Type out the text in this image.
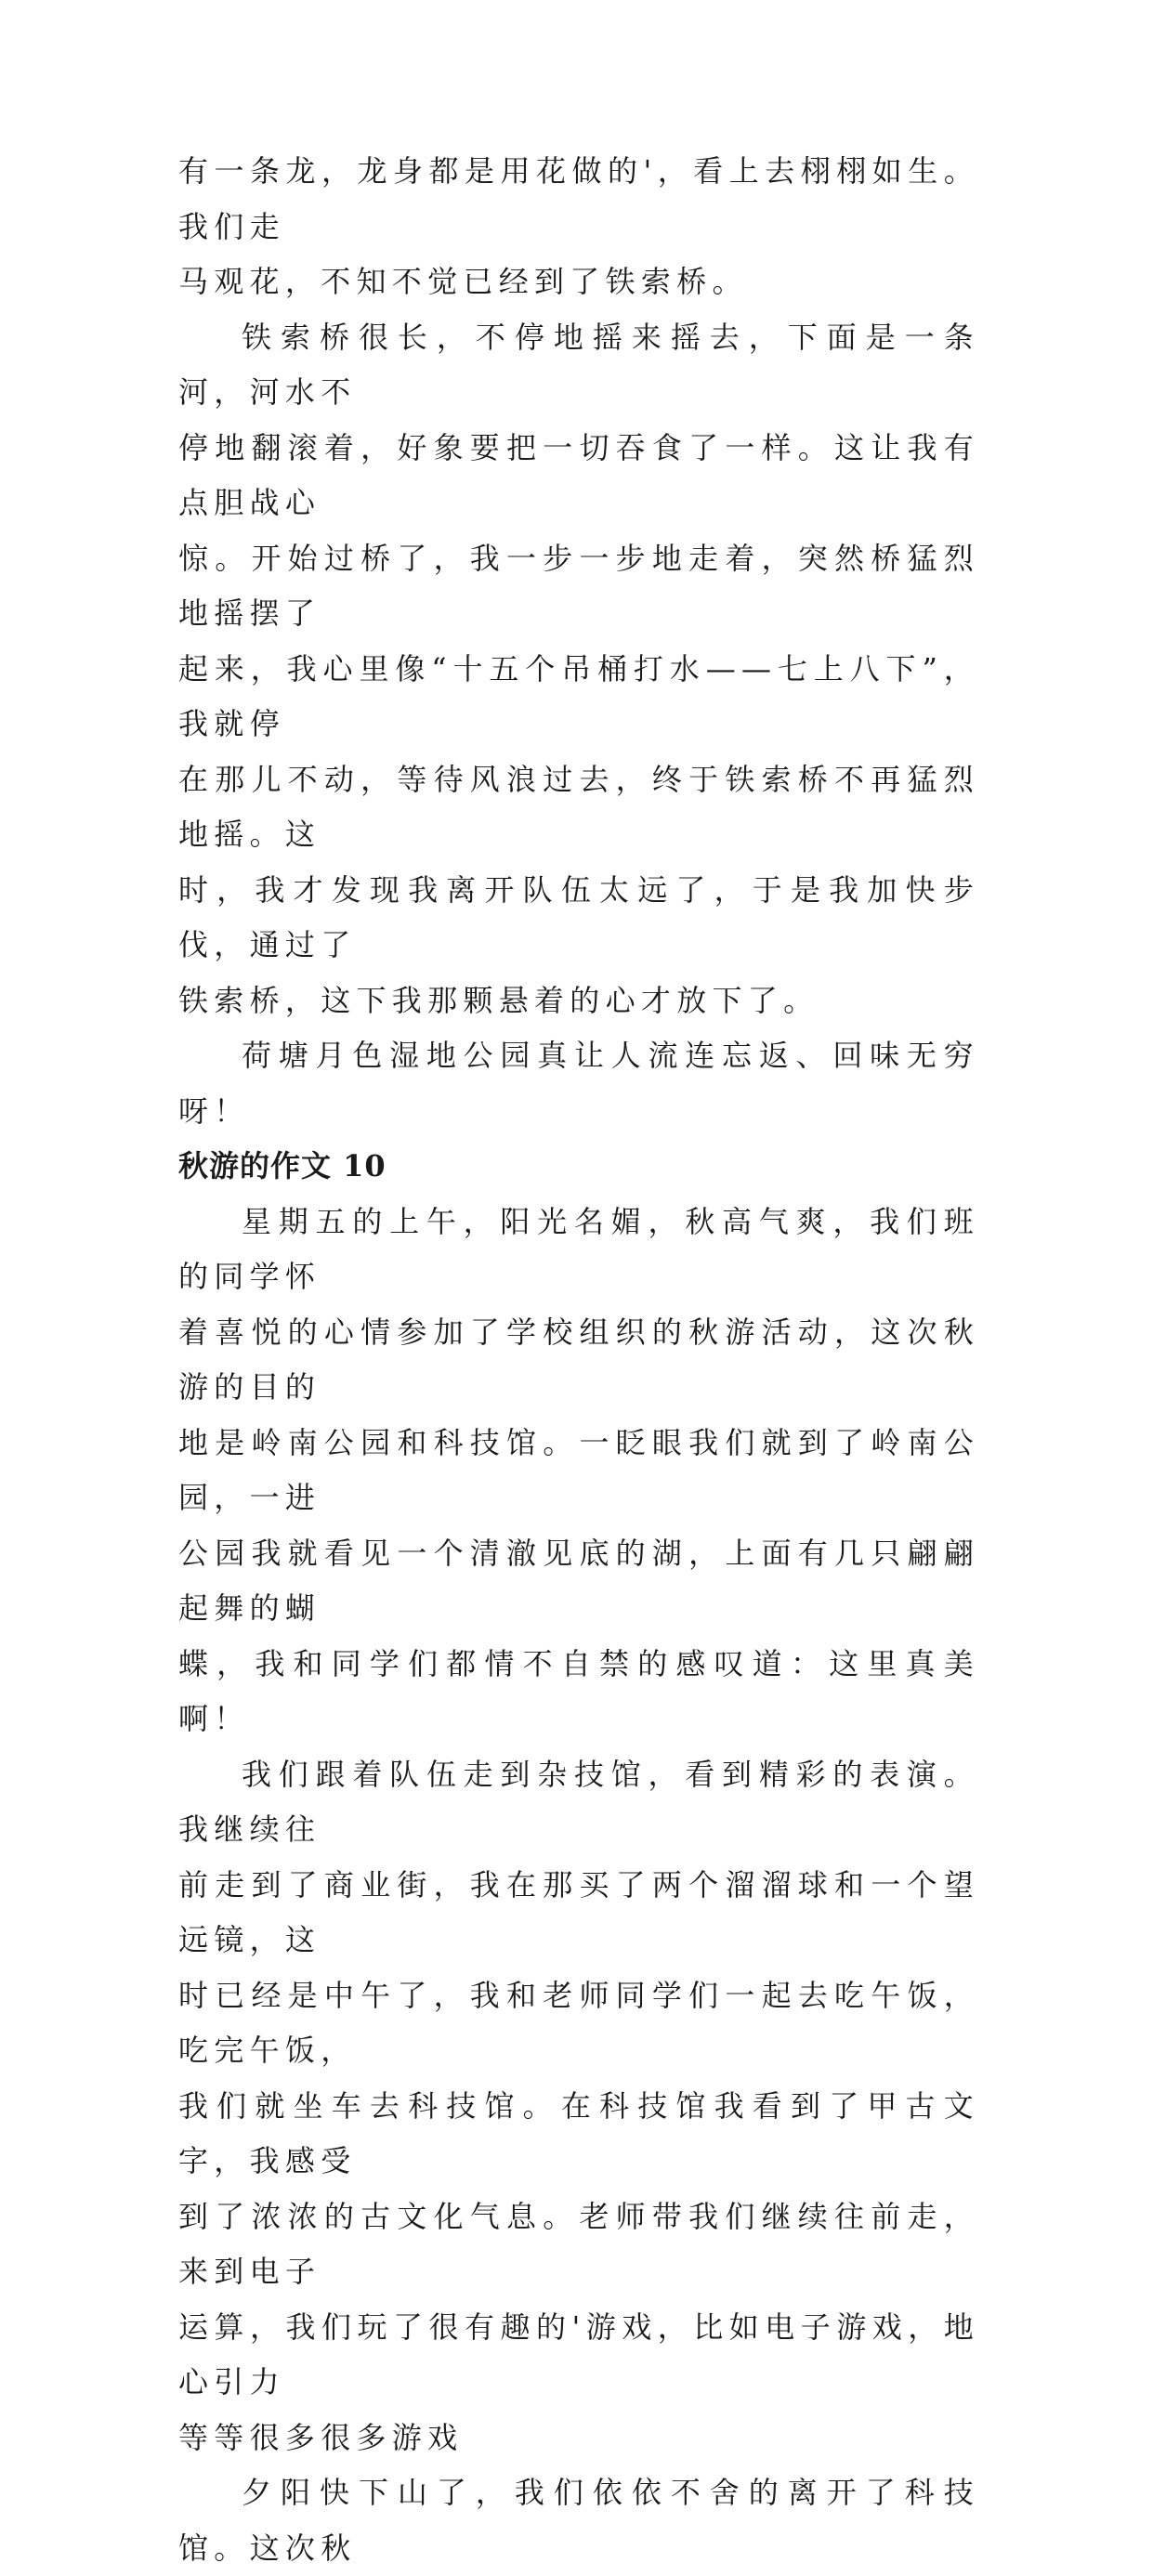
有一条龙，龙身都是用花做的'，看上去栩栩如生。我们走
马观花，不知不觉已经到了铁索桥。

铁索桥很长，不停地摇来摇去，下面是一条河，河水不
停地翻滚着，好象要把一切吞食了一样。这让我有点胆战心
惊。开始过桥了，我一步一步地走着，突然桥猛烈地摇摆了
起来，我心里像“十五个吊桶打水——七上八下”，我就停
在那儿不动，等待风浪过去，终于铁索桥不再猛烈地摇。这
时，我才发现我离开队伍太远了，于是我加快步伐，通过了
铁索桥，这下我那颗悬着的心才放下了。

荷塘月色湿地公园真让人流连忘返、回味无穷呀！

秋游的作文 10

星期五的上午，阳光名媚，秋高气爽，我们班的同学怀
着喜悦的心情参加了学校组织的秋游活动，这次秋游的目的
地是岭南公园和科技馆。一眨眼我们就到了岭南公园，一进
公园我就看见一个清澈见底的湖，上面有几只翩翩起舞的蝴
蝶，我和同学们都情不自禁的感叹道：这里真美啊！

我们跟着队伍走到杂技馆，看到精彩的表演。我继续往
前走到了商业街，我在那买了两个溜溜球和一个望远镜，这
时已经是中午了，我和老师同学们一起去吃午饭，吃完午饭，
我们就坐车去科技馆。在科技馆我看到了甲古文字，我感受
到了浓浓的古文化气息。老师带我们继续往前走，来到电子
运算，我们玩了很有趣的'游戏，比如电子游戏，地心引力
等等很多很多游戏

夕阳快下山了，我们依依不舍的离开了科技馆。这次秋
